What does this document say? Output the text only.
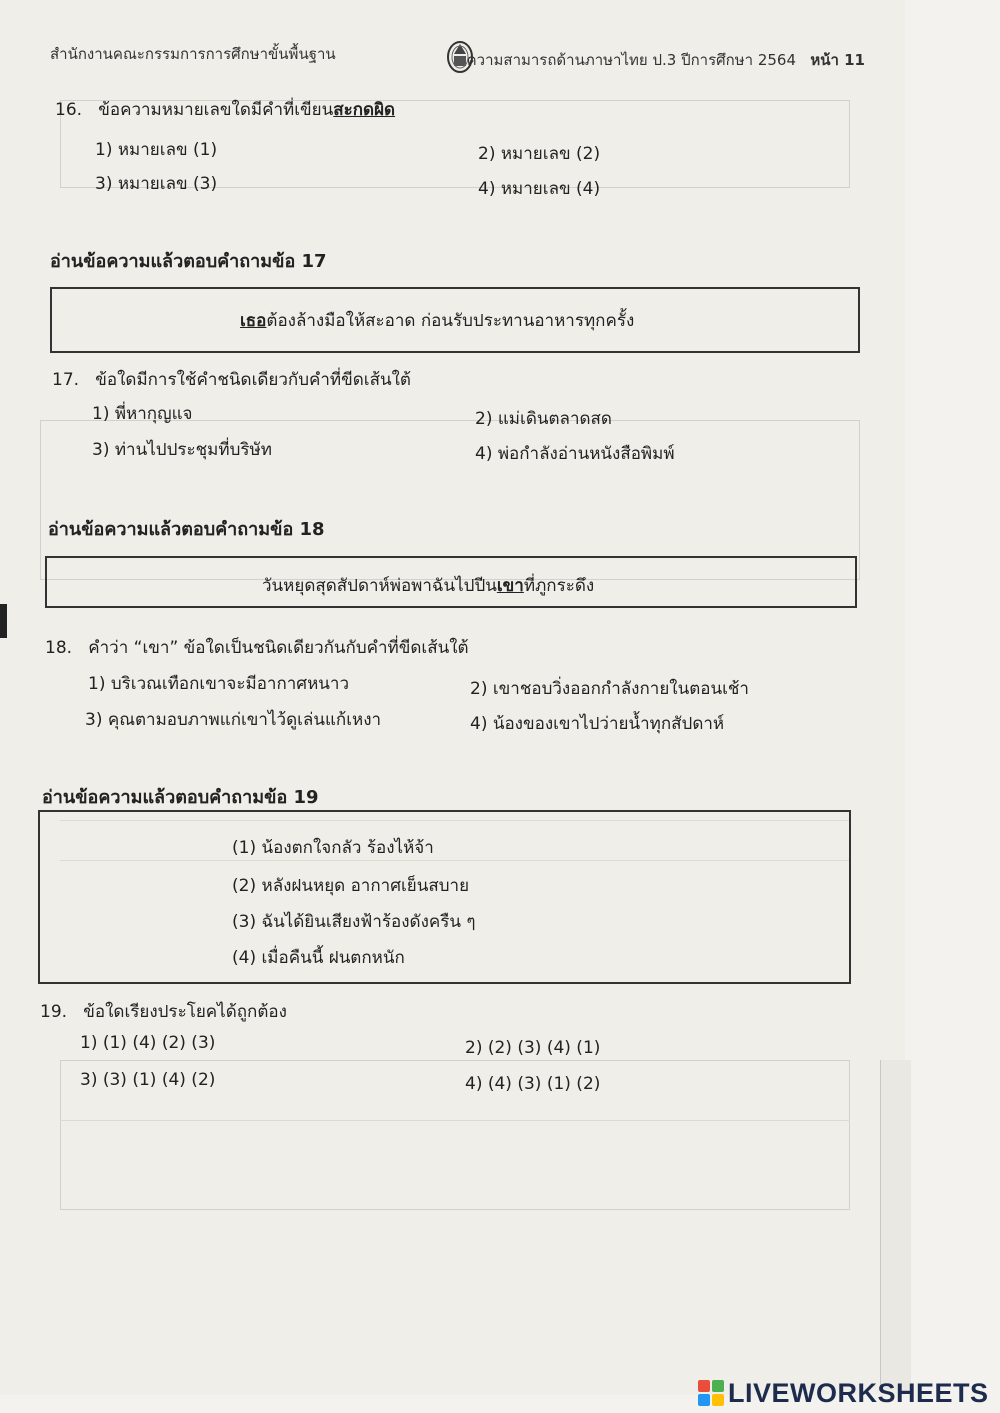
สำนักงานคณะกรรมการการศึกษาขั้นพื้นฐาน	ความสามารถด้านภาษาไทย ป.3 ปีการศึกษา 2564 หน้า 11
16. ข้อความหมายเลขใดมีคำที่เขียนสะกดผิด
1) หมายเลข (1)	2) หมายเลข (2)
3) หมายเลข (3)	4) หมายเลข (4)
อ่านข้อความแล้วตอบคำถามข้อ 17
เธอต้องล้างมือให้สะอาด ก่อนรับประทานอาหารทุกครั้ง
17. ข้อใดมีการใช้คำชนิดเดียวกับคำที่ขีดเส้นใต้
1) พี่หากุญแจ	2) แม่เดินตลาดสด
3) ท่านไปประชุมที่บริษัท	4) พ่อกำลังอ่านหนังสือพิมพ์
อ่านข้อความแล้วตอบคำถามข้อ 18
วันหยุดสุดสัปดาห์พ่อพาฉันไปปีนเขาที่ภูกระดึง
18. คำว่า “เขา” ข้อใดเป็นชนิดเดียวกันกับคำที่ขีดเส้นใต้
1) บริเวณเทือกเขาจะมีอากาศหนาว	2) เขาชอบวิ่งออกกำลังกายในตอนเช้า
3) คุณตามอบภาพแก่เขาไว้ดูเล่นแก้เหงา	4) น้องของเขาไปว่ายน้ำทุกสัปดาห์
อ่านข้อความแล้วตอบคำถามข้อ 19
(1) น้องตกใจกลัว ร้องไห้จ้า
(2) หลังฝนหยุด อากาศเย็นสบาย
(3) ฉันได้ยินเสียงฟ้าร้องดังครืน ๆ
(4) เมื่อคืนนี้ ฝนตกหนัก
19. ข้อใดเรียงประโยคได้ถูกต้อง
1) (1) (4) (2) (3)	2) (2) (3) (4) (1)
3) (3) (1) (4) (2)	4) (4) (3) (1) (2)
LIVEWORKSHEETS
